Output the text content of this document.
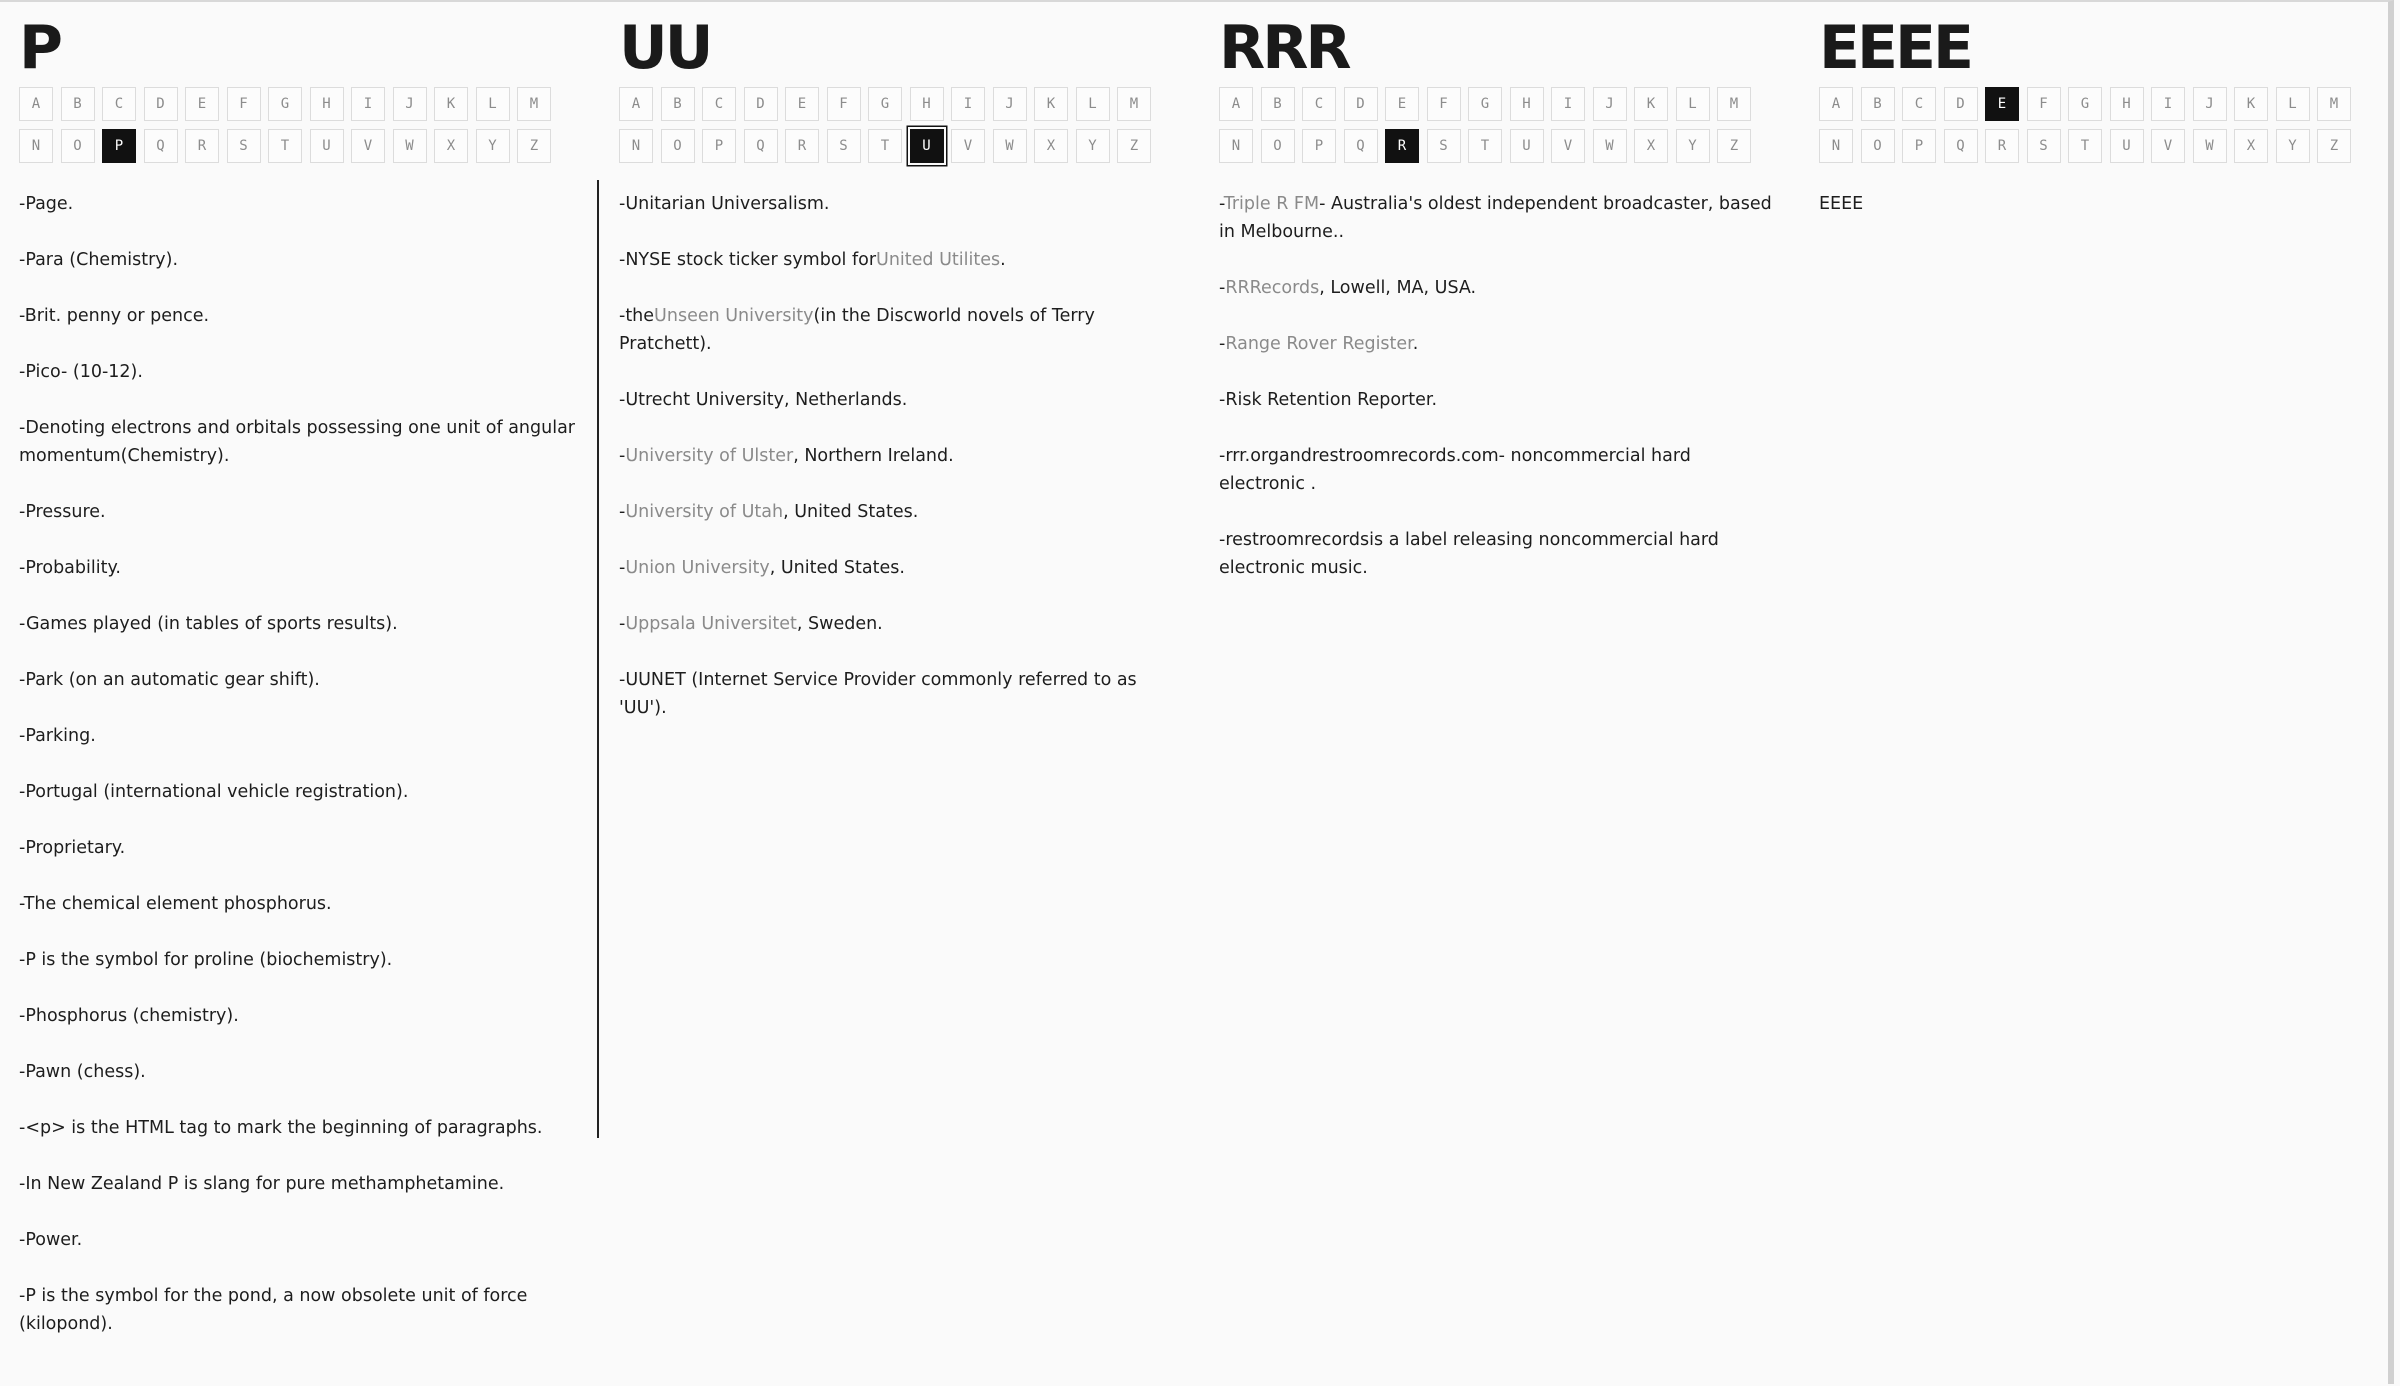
P
A	B	C	D	E	F	G	H	I	J	K	L	M
N	O	P	Q	R	S	T	U	V	W	X	Y	Z
-Page.
-Para (Chemistry).
-Brit. penny or pence.
-Pico- (10-12).
-Denoting electrons and orbitals possessing one unit of angular momentum(Chemistry).
-Pressure.
-Probability.
-Games played (in tables of sports results).
-Park (on an automatic gear shift).
-Parking.
-Portugal (international vehicle registration).
-Proprietary.
-The chemical element phosphorus.
-P is the symbol for proline (biochemistry).
-Phosphorus (chemistry).
-Pawn (chess).
-<p> is the HTML tag to mark the beginning of paragraphs.
-In New Zealand P is slang for pure methamphetamine.
-Power.
-P is the symbol for the pond, a now obsolete unit of force (kilopond).
UU
A	B	C	D	E	F	G	H	I	J	K	L	M
N	O	P	Q	R	S	T	U	V	W	X	Y	Z
-Unitarian Universalism.
-NYSE stock ticker symbol forUnited Utilites.
-theUnseen University(in the Discworld novels of Terry Pratchett).
-Utrecht University, Netherlands.
-University of Ulster, Northern Ireland.
-University of Utah, United States.
-Union University, United States.
-Uppsala Universitet, Sweden.
-UUNET (Internet Service Provider commonly referred to as 'UU').
RRR
A	B	C	D	E	F	G	H	I	J	K	L	M
N	O	P	Q	R	S	T	U	V	W	X	Y	Z
-Triple R FM- Australia's oldest independent broadcaster, based in Melbourne..
-RRRecords, Lowell, MA, USA.
-Range Rover Register.
-Risk Retention Reporter.
-rrr.organdrestroomrecords.com- noncommercial hard electronic .
-restroomrecordsis a label releasing noncommercial hard electronic music.
EEEE
A	B	C	D	E	F	G	H	I	J	K	L	M
N	O	P	Q	R	S	T	U	V	W	X	Y	Z
EEEE
